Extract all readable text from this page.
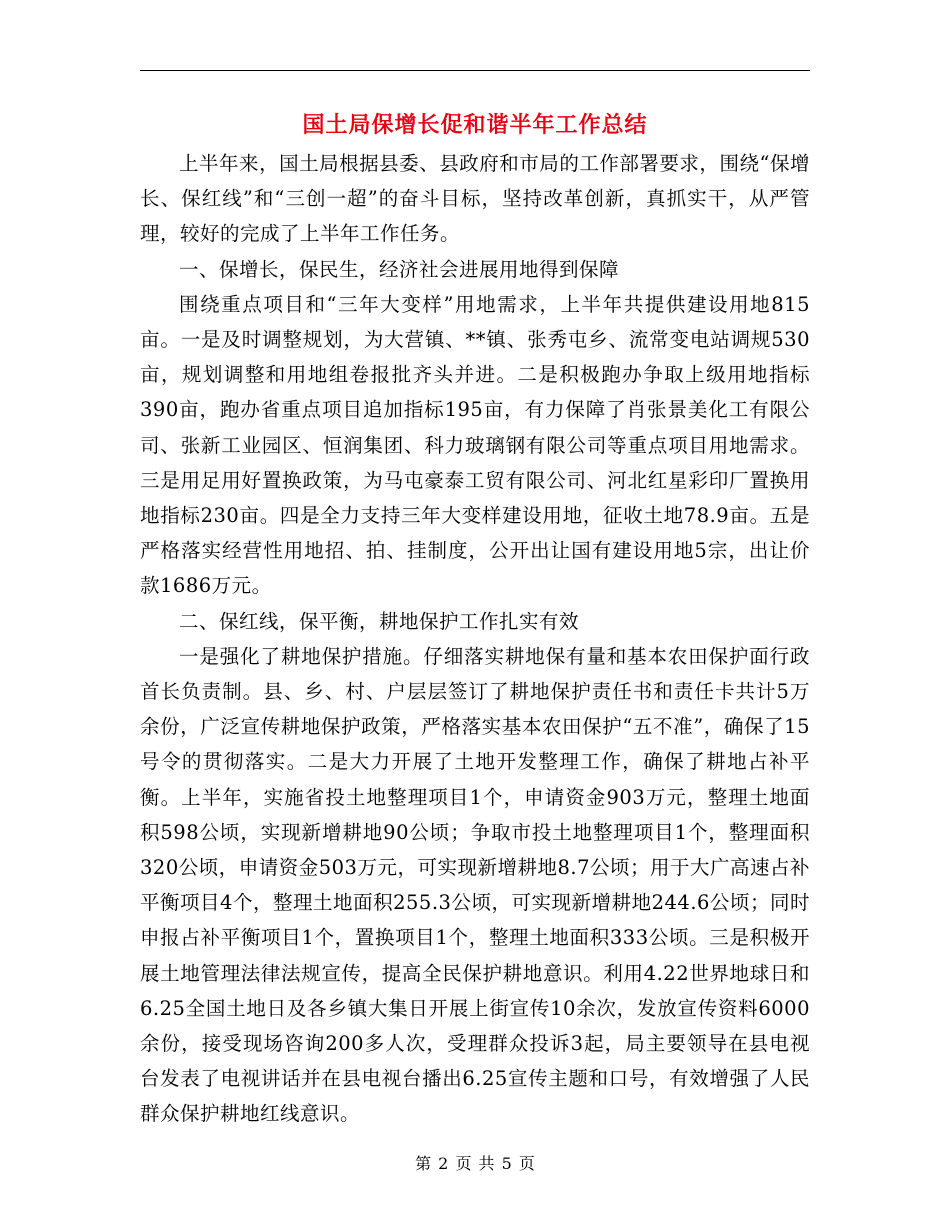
国土局保增长促和谐半年工作总结

上半年来，国土局根据县委、县政府和市局的工作部署要求，围绕“保增长、保红线”和“三创一超”的奋斗目标，坚持改革创新，真抓实干，从严管理，较好的完成了上半年工作任务。

一、保增长，保民生，经济社会进展用地得到保障

围绕重点项目和“三年大变样”用地需求，上半年共提供建设用地815亩。一是及时调整规划，为大营镇、**镇、张秀屯乡、流常变电站调规530亩，规划调整和用地组卷报批齐头并进。二是积极跑办争取上级用地指标390亩，跑办省重点项目追加指标195亩，有力保障了肖张景美化工有限公司、张新工业园区、恒润集团、科力玻璃钢有限公司等重点项目用地需求。三是用足用好置换政策，为马屯豪泰工贸有限公司、河北红星彩印厂置换用地指标230亩。四是全力支持三年大变样建设用地，征收土地78.9亩。五是严格落实经营性用地招、拍、挂制度，公开出让国有建设用地5宗，出让价款1686万元。

二、保红线，保平衡，耕地保护工作扎实有效

一是强化了耕地保护措施。仔细落实耕地保有量和基本农田保护面行政首长负责制。县、乡、村、户层层签订了耕地保护责任书和责任卡共计5万余份，广泛宣传耕地保护政策，严格落实基本农田保护“五不准”，确保了15号令的贯彻落实。二是大力开展了土地开发整理工作，确保了耕地占补平衡。上半年，实施省投土地整理项目1个，申请资金903万元，整理土地面积598公顷，实现新增耕地90公顷；争取市投土地整理项目1个，整理面积320公顷，申请资金503万元，可实现新增耕地8.7公顷；用于大广高速占补平衡项目4个，整理土地面积255.3公顷，可实现新增耕地244.6公顷；同时申报占补平衡项目1个，置换项目1个，整理土地面积333公顷。三是积极开展土地管理法律法规宣传，提高全民保护耕地意识。利用4.22世界地球日和6.25全国土地日及各乡镇大集日开展上街宣传10余次，发放宣传资料6000余份，接受现场咨询200多人次，受理群众投诉3起，局主要领导在县电视台发表了电视讲话并在县电视台播出6.25宣传主题和口号，有效增强了人民群众保护耕地红线意识。

第 2 页 共 5 页
